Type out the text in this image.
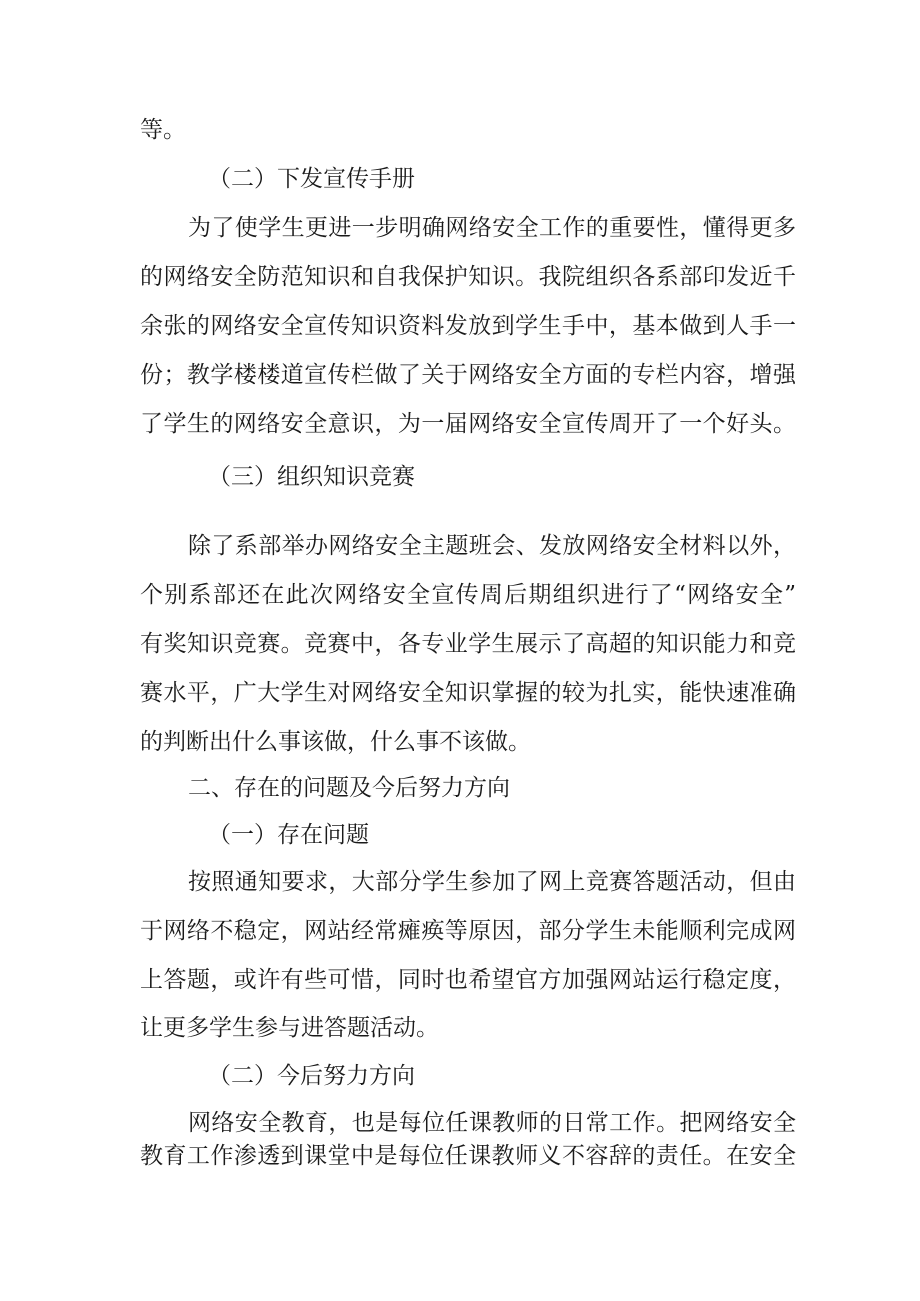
等。
（二）下发宣传手册
为了使学生更进一步明确网络安全工作的重要性，懂得更多
的网络安全防范知识和自我保护知识。我院组织各系部印发近千
余张的网络安全宣传知识资料发放到学生手中，基本做到人手一
份；教学楼楼道宣传栏做了关于网络安全方面的专栏内容，增强
了学生的网络安全意识，为一届网络安全宣传周开了一个好头。
（三）组织知识竞赛
除了系部举办网络安全主题班会、发放网络安全材料以外，
个别系部还在此次网络安全宣传周后期组织进行了“网络安全”
有奖知识竞赛。竞赛中，各专业学生展示了高超的知识能力和竞
赛水平，广大学生对网络安全知识掌握的较为扎实，能快速准确
的判断出什么事该做，什么事不该做。
二、存在的问题及今后努力方向
（一）存在问题
按照通知要求，大部分学生参加了网上竞赛答题活动，但由
于网络不稳定，网站经常瘫痪等原因，部分学生未能顺利完成网
上答题，或许有些可惜，同时也希望官方加强网站运行稳定度，
让更多学生参与进答题活动。
（二）今后努力方向
网络安全教育，也是每位任课教师的日常工作。把网络安全
教育工作渗透到课堂中是每位任课教师义不容辞的责任。在安全
